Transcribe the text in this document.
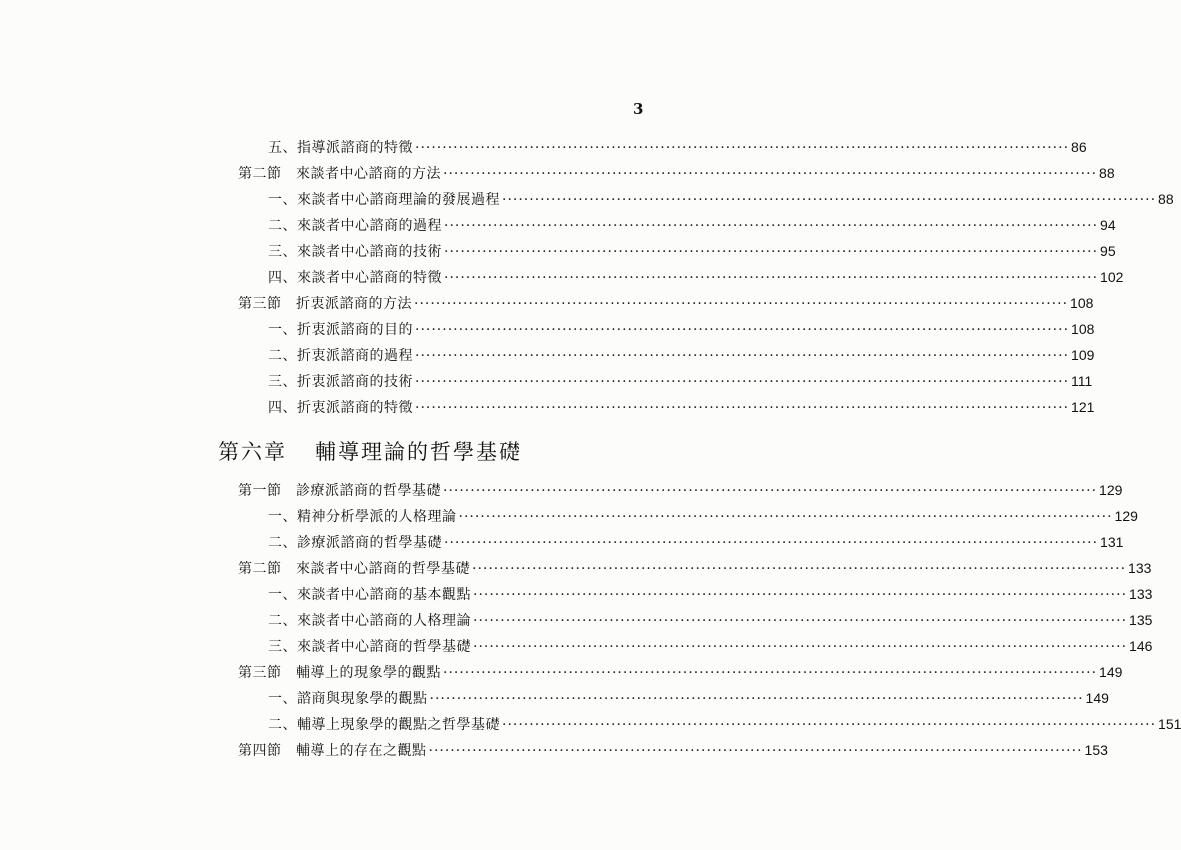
3
第六章 輔導理論的哲學基礎
五、指導派諮商的特徵 ························································································································ 86
第二節　來談者中心諮商的方法 ························································································································ 88
一、來談者中心諮商理論的發展過程 ························································································································ 88
二、來談者中心諮商的過程 ························································································································ 94
三、來談者中心諮商的技術 ························································································································ 95
四、來談者中心諮商的特徵 ························································································································ 102
第三節　折衷派諮商的方法 ························································································································ 108
一、折衷派諮商的目的 ························································································································ 108
二、折衷派諮商的過程 ························································································································ 109
三、折衷派諮商的技術 ························································································································ 111
四、折衷派諮商的特徵 ························································································································ 121
第一節　診療派諮商的哲學基礎 ························································································································ 129
一、精神分析學派的人格理論 ························································································································ 129
二、診療派諮商的哲學基礎 ························································································································ 131
第二節　來談者中心諮商的哲學基礎 ························································································································ 133
一、來談者中心諮商的基本觀點 ························································································································ 133
二、來談者中心諮商的人格理論 ························································································································ 135
三、來談者中心諮商的哲學基礎 ························································································································ 146
第三節　輔導上的現象學的觀點 ························································································································ 149
一、諮商與現象學的觀點 ························································································································ 149
二、輔導上現象學的觀點之哲學基礎 ························································································································ 151
第四節　輔導上的存在之觀點 ························································································································ 153
